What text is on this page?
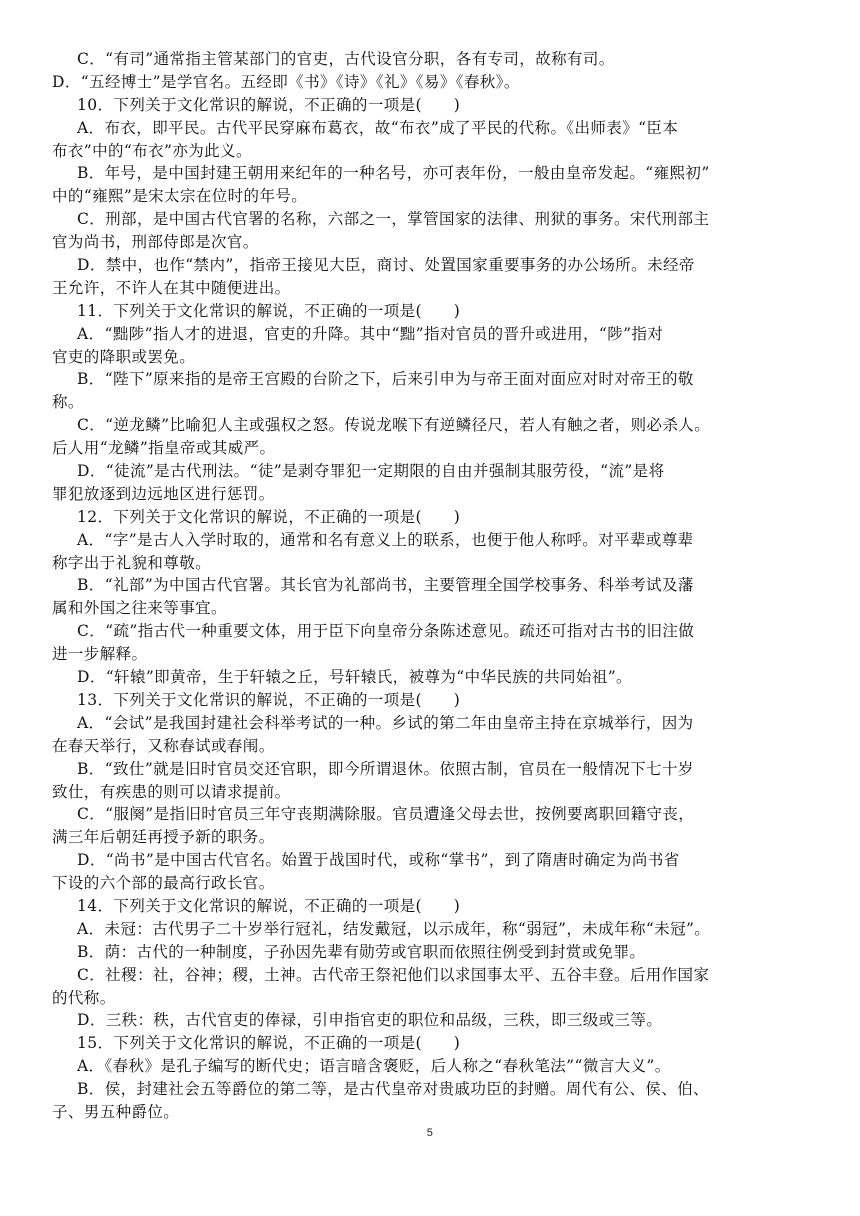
C．“有司”通常指主管某部门的官吏，古代设官分职，各有专司，故称有司。
D．“五经博士”是学官名。五经即《书》《诗》《礼》《易》《春秋》。
10．下列关于文化常识的解说，不正确的一项是(　　)
A．布衣，即平民。古代平民穿麻布葛衣，故“布衣”成了平民的代称。《出师表》“臣本
布衣”中的“布衣”亦为此义。
B．年号，是中国封建王朝用来纪年的一种名号，亦可表年份，一般由皇帝发起。“雍熙初”
中的“雍熙”是宋太宗在位时的年号。
C．刑部，是中国古代官署的名称，六部之一，掌管国家的法律、刑狱的事务。宋代刑部主
官为尚书，刑部侍郎是次官。
D．禁中，也作“禁内”，指帝王接见大臣，商讨、处置国家重要事务的办公场所。未经帝
王允许，不许人在其中随便进出。
11．下列关于文化常识的解说，不正确的一项是(　　)
A．“黜陟”指人才的进退，官吏的升降。其中“黜”指对官员的晋升或进用，“陟”指对
官吏的降职或罢免。
B．“陛下”原来指的是帝王宫殿的台阶之下，后来引申为与帝王面对面应对时对帝王的敬
称。
C．“逆龙鳞”比喻犯人主或强权之怒。传说龙喉下有逆鳞径尺，若人有触之者，则必杀人。
后人用“龙鳞”指皇帝或其威严。
D．“徒流”是古代刑法。“徒”是剥夺罪犯一定期限的自由并强制其服劳役，“流”是将
罪犯放逐到边远地区进行惩罚。
12．下列关于文化常识的解说，不正确的一项是(　　)
A．“字”是古人入学时取的，通常和名有意义上的联系，也便于他人称呼。对平辈或尊辈
称字出于礼貌和尊敬。
B．“礼部”为中国古代官署。其长官为礼部尚书，主要管理全国学校事务、科举考试及藩
属和外国之往来等事宜。
C．“疏”指古代一种重要文体，用于臣下向皇帝分条陈述意见。疏还可指对古书的旧注做
进一步解释。
D．“轩辕”即黄帝，生于轩辕之丘，号轩辕氏，被尊为“中华民族的共同始祖”。
13．下列关于文化常识的解说，不正确的一项是(　　)
A．“会试”是我国封建社会科举考试的一种。乡试的第二年由皇帝主持在京城举行，因为
在春天举行，又称春试或春闱。
B．“致仕”就是旧时官员交还官职，即今所谓退休。依照古制，官员在一般情况下七十岁
致仕，有疾患的则可以请求提前。
C．“服阕”是指旧时官员三年守丧期满除服。官员遭逢父母去世，按例要离职回籍守丧，
满三年后朝廷再授予新的职务。
D．“尚书”是中国古代官名。始置于战国时代，或称“掌书”，到了隋唐时确定为尚书省
下设的六个部的最高行政长官。
14．下列关于文化常识的解说，不正确的一项是(　　)
A．未冠：古代男子二十岁举行冠礼，结发戴冠，以示成年，称“弱冠”，未成年称“未冠”。
B．荫：古代的一种制度，子孙因先辈有勋劳或官职而依照往例受到封赏或免罪。
C．社稷：社，谷神；稷，土神。古代帝王祭祀他们以求国事太平、五谷丰登。后用作国家
的代称。
D．三秩：秩，古代官吏的俸禄，引申指官吏的职位和品级，三秩，即三级或三等。
15．下列关于文化常识的解说，不正确的一项是(　　)
A．《春秋》是孔子编写的断代史；语言暗含褒贬，后人称之“春秋笔法”“微言大义”。
B．侯，封建社会五等爵位的第二等，是古代皇帝对贵戚功臣的封赠。周代有公、侯、伯、
子、男五种爵位。
5
